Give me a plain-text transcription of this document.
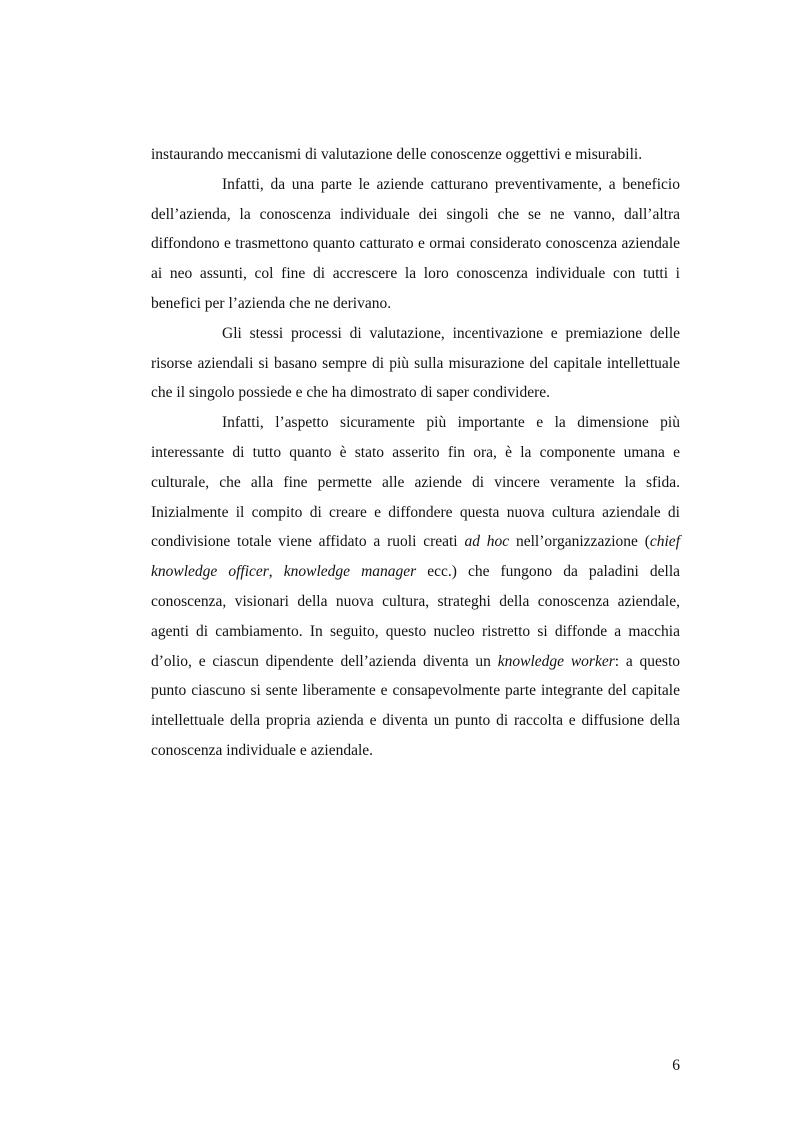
instaurando meccanismi di valutazione delle conoscenze oggettivi e misurabili.

Infatti, da una parte le aziende catturano preventivamente, a beneficio dell’azienda, la conoscenza individuale dei singoli che se ne vanno, dall’altra diffondono e trasmettono quanto catturato e ormai considerato conoscenza aziendale ai neo assunti, col fine di accrescere la loro conoscenza individuale con tutti i benefici per l’azienda che ne derivano.

Gli stessi processi di valutazione, incentivazione e premiazione delle risorse aziendali si basano sempre di più sulla misurazione del capitale intellettuale che il singolo possiede e che ha dimostrato di saper condividere.

Infatti, l’aspetto sicuramente più importante e la dimensione più interessante di tutto quanto è stato asserito fin ora, è la componente umana e culturale, che alla fine permette alle aziende di vincere veramente la sfida. Inizialmente il compito di creare e diffondere questa nuova cultura aziendale di condivisione totale viene affidato a ruoli creati ad hoc nell’organizzazione (chief knowledge officer, knowledge manager ecc.) che fungono da paladini della conoscenza, visionari della nuova cultura, strateghi della conoscenza aziendale, agenti di cambiamento. In seguito, questo nucleo ristretto si diffonde a macchia d’olio, e ciascun dipendente dell’azienda diventa un knowledge worker: a questo punto ciascuno si sente liberamente e consapevolmente parte integrante del capitale intellettuale della propria azienda e diventa un punto di raccolta e diffusione della conoscenza individuale e aziendale.

6
